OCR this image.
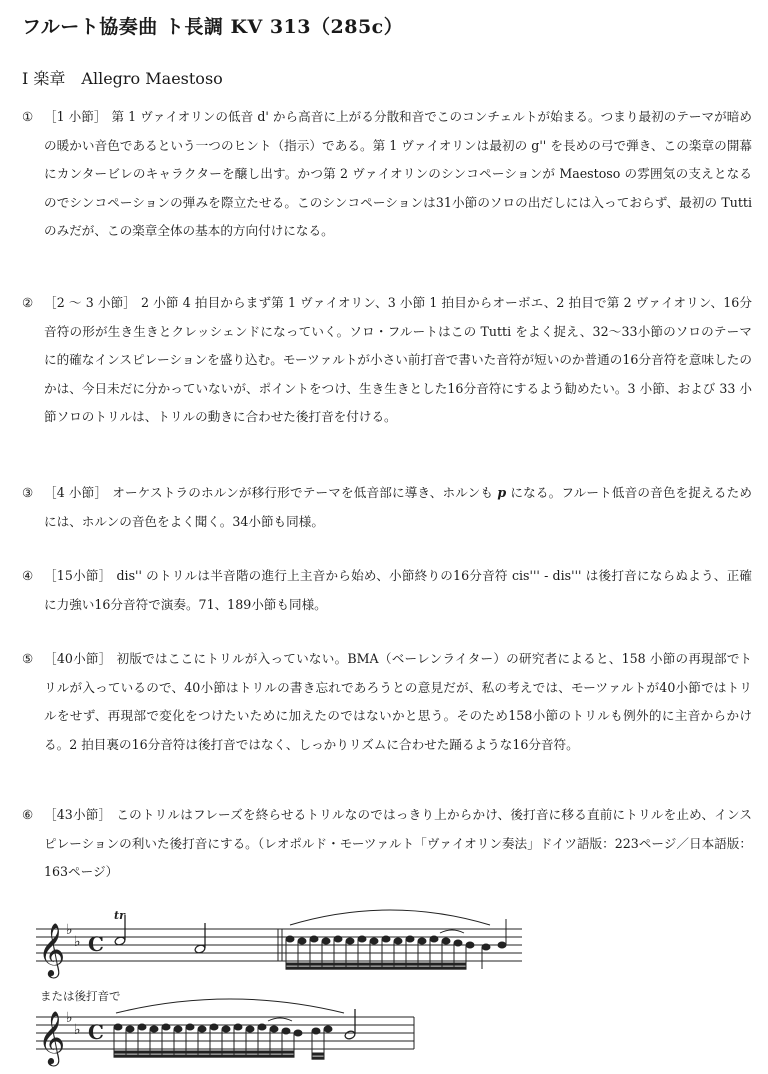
フルート協奏曲 ト長調 KV 313（285c）
I 楽章　Allegro Maestoso
① ［1 小節］ 第 1 ヴァイオリンの低音 d' から高音に上がる分散和音でこのコンチェルトが始まる。つまり最初のテーマが暗めの暖かい音色であるという一つのヒント（指示）である。第 1 ヴァイオリンは最初の g'' を長めの弓で弾き、この楽章の開幕にカンタービレのキャラクターを醸し出す。かつ第 2 ヴァイオリンのシンコペーションが Maestoso の雰囲気の支えとなるのでシンコペーションの弾みを際立たせる。このシンコペーションは31小節のソロの出だしには入っておらず、最初の Tutti のみだが、この楽章全体の基本的方向付けになる。
② ［2 ～ 3 小節］ 2 小節 4 拍目からまず第 1 ヴァイオリン、3 小節 1 拍目からオーボエ、2 拍目で第 2 ヴァイオリン、16分音符の形が生き生きとクレッシェンドになっていく。ソロ・フルートはこの Tutti をよく捉え、32～33小節のソロのテーマに的確なインスピレーションを盛り込む。モーツァルトが小さい前打音で書いた音符が短いのか普通の16分音符を意味したのかは、今日未だに分かっていないが、ポイントをつけ、生き生きとした16分音符にするよう勧めたい。3 小節、および 33 小節ソロのトリルは、トリルの動きに合わせた後打音を付ける。
③ ［4 小節］ オーケストラのホルンが移行形でテーマを低音部に導き、ホルンも p になる。フルート低音の音色を捉えるためには、ホルンの音色をよく聞く。34小節も同様。
④ ［15小節］ dis'' のトリルは半音階の進行上主音から始め、小節終りの16分音符 cis''' - dis''' は後打音にならぬよう、正確に力強い16分音符で演奏。71、189小節も同様。
⑤ ［40小節］ 初版ではここにトリルが入っていない。BMA（ベーレンライター）の研究者によると、158 小節の再現部でトリルが入っているので、40小節はトリルの書き忘れであろうとの意見だが、私の考えでは、モーツァルトが40小節ではトリルをせず、再現部で変化をつけたいために加えたのではないかと思う。そのため158小節のトリルも例外的に主音からかける。2 拍目裏の16分音符は後打音ではなく、しっかりリズムに合わせた踊るような16分音符。
⑥ ［43小節］ このトリルはフレーズを終らせるトリルなのではっきり上からかけ、後打音に移る直前にトリルを止め、インスピレーションの利いた後打音にする。（レオポルド・モーツァルト「ヴァイオリン奏法」ドイツ語版：223ページ／日本語版：163ページ）
𝄞 ♭
♭ C
tr
または後打音で
𝄞 ♭
♭ C
